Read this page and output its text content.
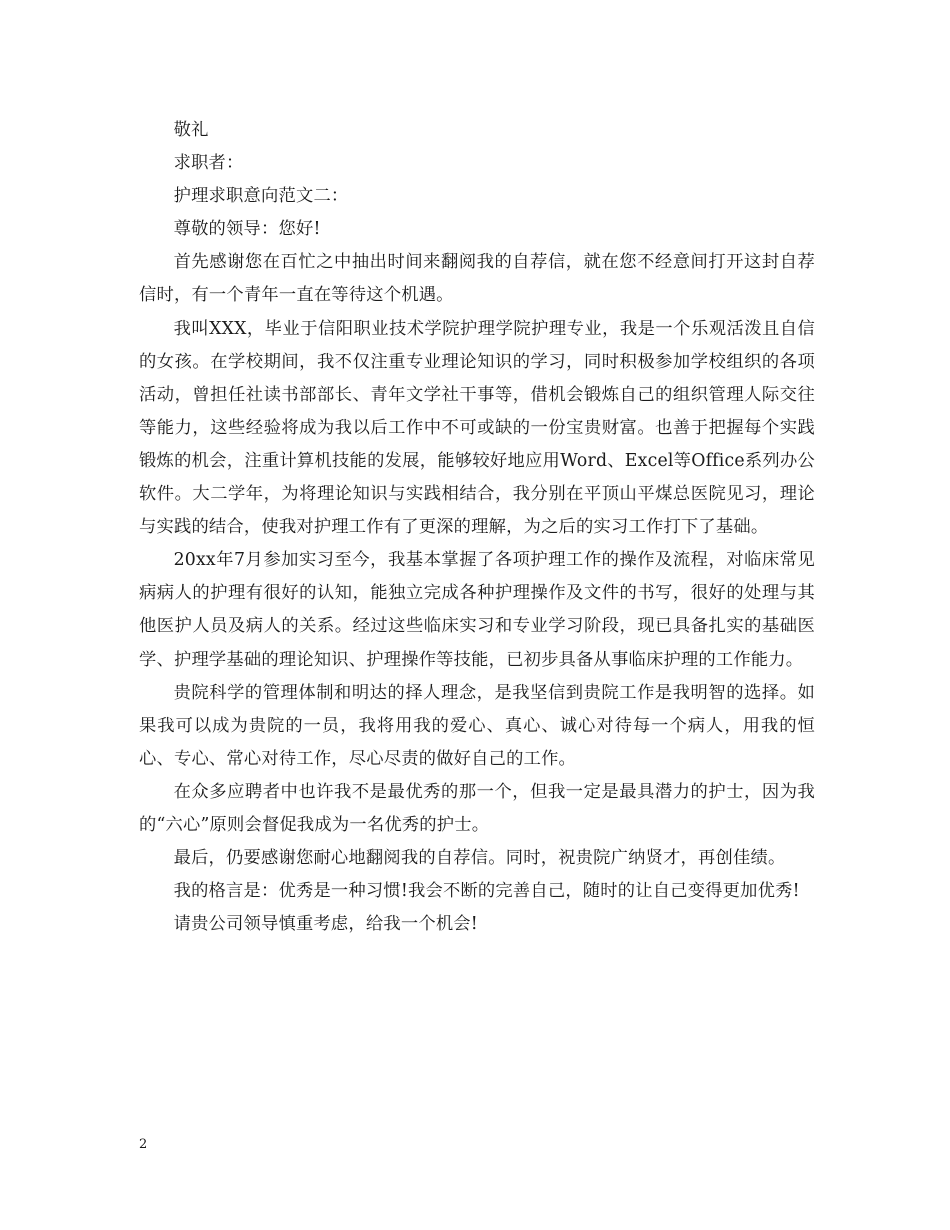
敬礼

求职者：

护理求职意向范文二：

尊敬的领导：您好!

首先感谢您在百忙之中抽出时间来翻阅我的自荐信，就在您不经意间打开这封自荐信时，有一个青年一直在等待这个机遇。

我叫XXX，毕业于信阳职业技术学院护理学院护理专业，我是一个乐观活泼且自信的女孩。在学校期间，我不仅注重专业理论知识的学习，同时积极参加学校组织的各项活动，曾担任社读书部部长、青年文学社干事等，借机会锻炼自己的组织管理人际交往等能力，这些经验将成为我以后工作中不可或缺的一份宝贵财富。也善于把握每个实践锻炼的机会，注重计算机技能的发展，能够较好地应用Word、Excel等Office系列办公软件。大二学年，为将理论知识与实践相结合，我分别在平顶山平煤总医院见习，理论与实践的结合，使我对护理工作有了更深的理解，为之后的实习工作打下了基础。

20xx年7月参加实习至今，我基本掌握了各项护理工作的操作及流程，对临床常见病病人的护理有很好的认知，能独立完成各种护理操作及文件的书写，很好的处理与其他医护人员及病人的关系。经过这些临床实习和专业学习阶段，现已具备扎实的基础医学、护理学基础的理论知识、护理操作等技能，已初步具备从事临床护理的工作能力。

贵院科学的管理体制和明达的择人理念，是我坚信到贵院工作是我明智的选择。如果我可以成为贵院的一员，我将用我的爱心、真心、诚心对待每一个病人，用我的恒心、专心、常心对待工作，尽心尽责的做好自己的工作。

在众多应聘者中也许我不是最优秀的那一个，但我一定是最具潜力的护士，因为我的“六心”原则会督促我成为一名优秀的护士。

最后，仍要感谢您耐心地翻阅我的自荐信。同时，祝贵院广纳贤才，再创佳绩。

我的格言是：优秀是一种习惯!我会不断的完善自己，随时的让自己变得更加优秀!

请贵公司领导慎重考虑，给我一个机会!

2
